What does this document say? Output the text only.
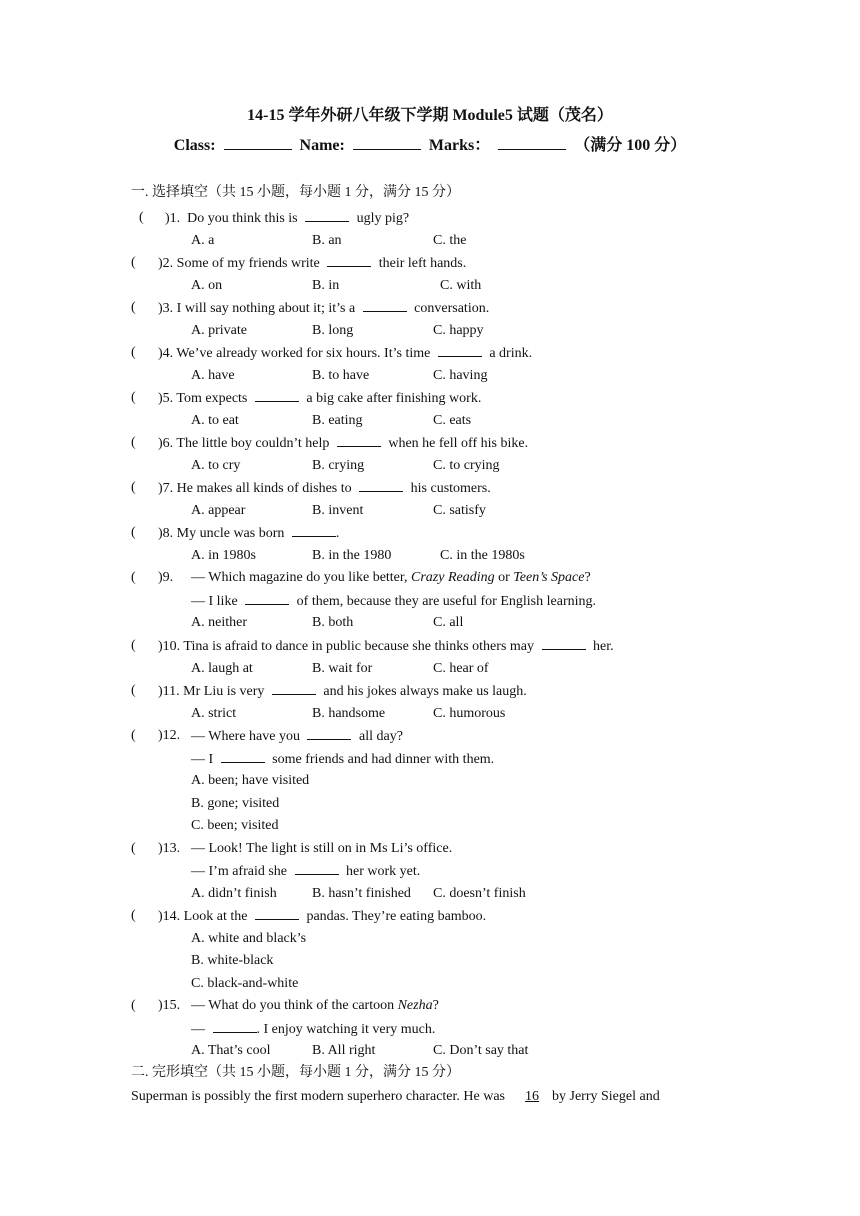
14-15 学年外研八年级下学期 Module5 试题（茂名）
Class:	Name:	Marks：	（满分 100 分）
一. 选择填空（共 15 小题，每小题 1 分，满分 15 分）
( )1. Do you think this is	ugly pig?
A. a	B. an	C. the
( )2. Some of my friends write	their left hands.
A. on	B. in	C. with
( )3. I will say nothing about it; it’s a	conversation.
A. private	B. long	C. happy
( )4. We’ve already worked for six hours. It’s time	a drink.
A. have	B. to have	C. having
( )5. Tom expects	a big cake after finishing work.
A. to eat	B. eating	C. eats
( )6. The little boy couldn’t help	when he fell off his bike.
A. to cry	B. crying	C. to crying
( )7. He makes all kinds of dishes to	his customers.
A. appear	B. invent	C. satisfy
( )8. My uncle was born	.
A. in 1980s	B. in the 1980	C. in the 1980s
( )9. — Which magazine do you like better, Crazy Reading or Teen’s Space?
— I like	of them, because they are useful for English learning.
A. neither	B. both	C. all
( )10. Tina is afraid to dance in public because she thinks others may	her.
A. laugh at	B. wait for	C. hear of
( )11. Mr Liu is very	and his jokes always make us laugh.
A. strict	B. handsome	C. humorous
( )12. — Where have you	all day?
— I	some friends and had dinner with them.
A. been; have visited
B. gone; visited
C. been; visited
( )13. — Look! The light is still on in Ms Li’s office.
— I’m afraid she	her work yet.
A. didn’t finish	B. hasn’t finished C. doesn’t finish
( )14. Look at the	pandas. They’re eating bamboo.
A. white and black’s
B. white-black
C. black-and-white
( )15. — What do you think of the cartoon Nezha?
—	. I enjoy watching it very much.
A. That’s cool	B. All right	C. Don’t say that
二. 完形填空（共 15 小题，每小题 1 分，满分 15 分）
Superman is possibly the first modern superhero character. He was 16 by Jerry Siegel and
